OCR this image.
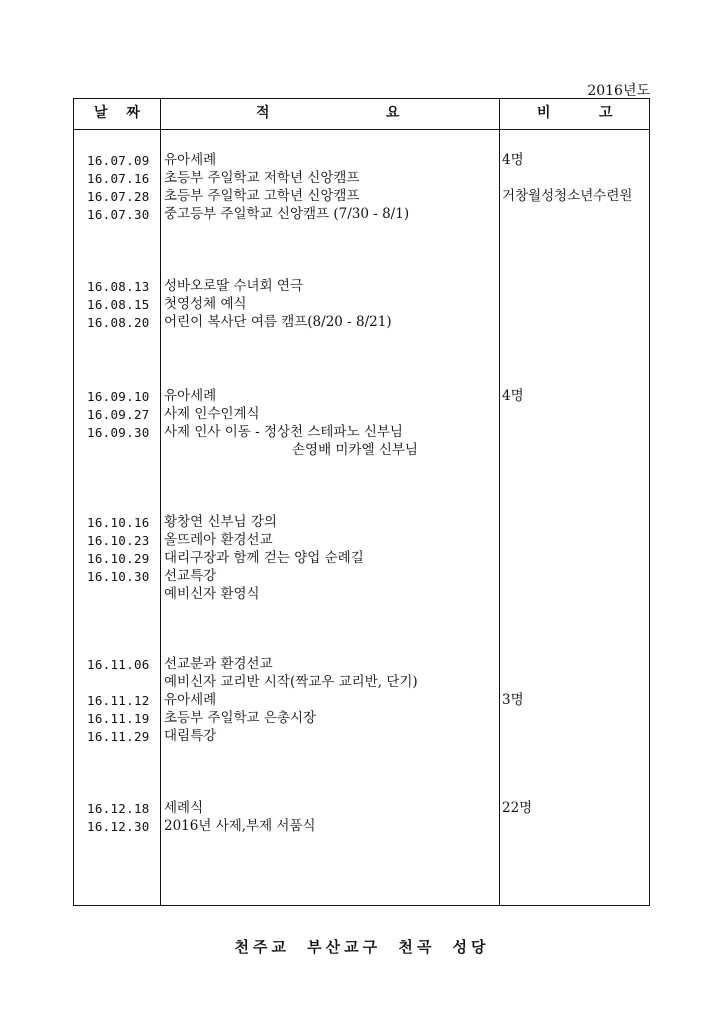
2016년도
날 짜	적	요	비	고
16.07.09	유아세례	4명
16.07.16	초등부 주일학교 저학년 신앙캠프
16.07.28	초등부 주일학교 고학년 신앙캠프	거창월성청소년수련원
16.07.30	중고등부 주일학교 신앙캠프 (7/30 - 8/1)
16.08.13	성바오로딸 수녀회 연극
16.08.15	첫영성체 예식
16.08.20	어린이 복사단 여름 캠프(8/20 - 8/21)
16.09.10	유아세례	4명
16.09.27	사제 인수인계식
16.09.30	사제 인사 이동 - 정상천 스테파노 신부님
손영배 미카엘 신부님
16.10.16	황창연 신부님 강의
16.10.23	올뜨레아 환경선교
16.10.29	대리구장과 함께 걷는 양업 순례길
16.10.30	선교특강
예비신자 환영식
16.11.06	선교분과 환경선교
예비신자 교리반 시작(짝교우 교리반, 단기)
16.11.12	유아세례	3명
16.11.19	초등부 주일학교 은총시장
16.11.29	대림특강
16.12.18	세례식	22명
16.12.30	2016년 사제,부제 서품식
천주교 부산교구 천곡 성당
